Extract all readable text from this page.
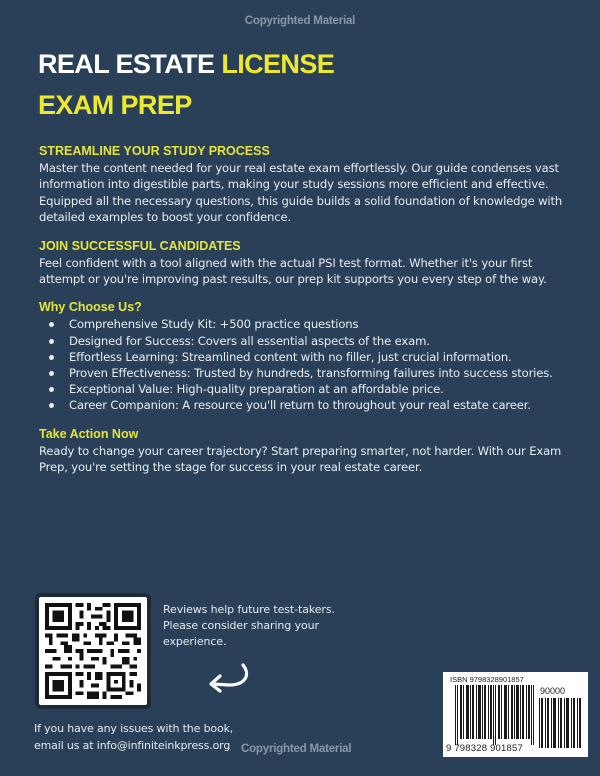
Copyrighted Material
REAL ESTATE LICENSE
EXAM PREP
STREAMLINE YOUR STUDY PROCESS
Master the content needed for your real estate exam effortlessly. Our guide condenses vast information into digestible parts, making your study sessions more efficient and effective. Equipped all the necessary questions, this guide builds a solid foundation of knowledge with detailed examples to boost your confidence.
JOIN SUCCESSFUL CANDIDATES
Feel confident with a tool aligned with the actual PSI test format. Whether it's your first attempt or you're improving past results, our prep kit supports you every step of the way.
Why Choose Us?
Comprehensive Study Kit: +500 practice questions
Designed for Success: Covers all essential aspects of the exam.
Effortless Learning: Streamlined content with no filler, just crucial information.
Proven Effectiveness: Trusted by hundreds, transforming failures into success stories.
Exceptional Value: High-quality preparation at an affordable price.
Career Companion: A resource you'll return to throughout your real estate career.
Take Action Now
Ready to change your career trajectory? Start preparing smarter, not harder. With our Exam Prep, you're setting the stage for success in your real estate career.
Reviews help future test-takers. Please consider sharing your experience.
If you have any issues with the book,
email us at info@infiniteinkpress.org Copyrighted Material
ISBN 9798328901857
90000
9 798328 901857
